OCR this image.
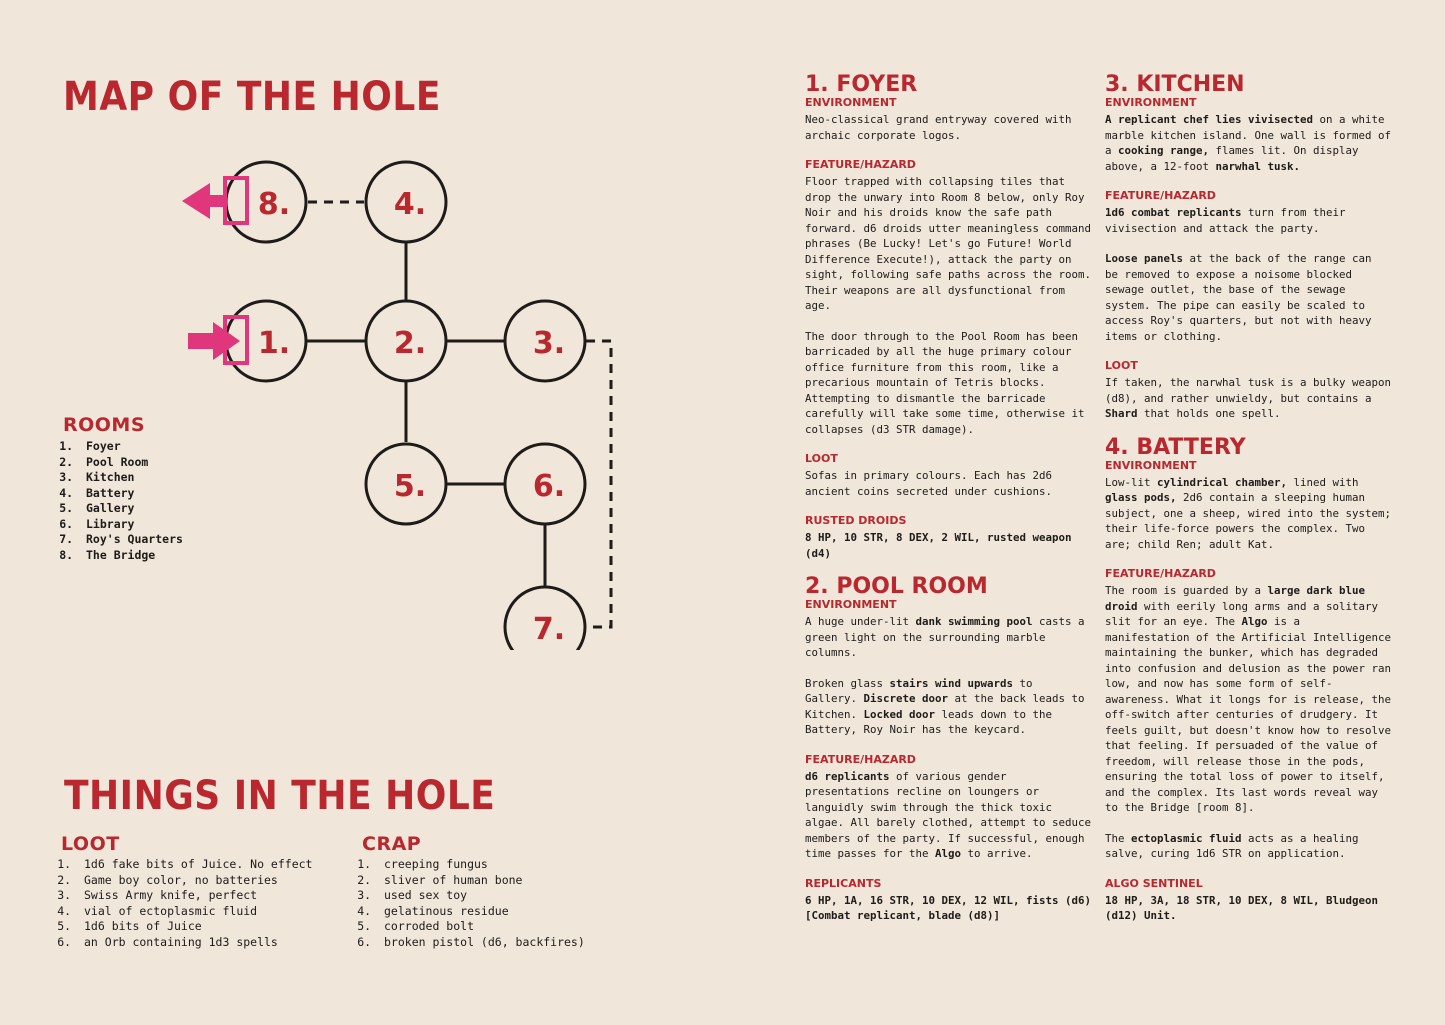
MAP OF THE HOLE
8.	4.
1.	2.	3.
5.	6.
7.
ROOMS
1. Foyer
2. Pool Room
3. Kitchen
4. Battery
5. Gallery
6. Library
7. Roy's Quarters
8. The Bridge
THINGS IN THE HOLE
LOOT
1. 1d6 fake bits of Juice. No effect
2. Game boy color, no batteries
3. Swiss Army knife, perfect
4. vial of ectoplasmic fluid
5. 1d6 bits of Juice
6. an Orb containing 1d3 spells
CRAP
1. creeping fungus
2. sliver of human bone
3. used sex toy
4. gelatinous residue
5. corroded bolt
6. broken pistol (d6, backfires)
1. FOYER
ENVIRONMENT

Neo-classical grand entryway covered with archaic corporate logos.

FEATURE/HAZARD

Floor trapped with collapsing tiles that drop the unwary into Room 8 below, only Roy Noir and his droids know the safe path forward. d6 droids utter meaningless command phrases (Be Lucky! Let's go Future! World Difference Execute!), attack the party on sight, following safe paths across the room. Their weapons are all dysfunctional from age.

The door through to the Pool Room has been barricaded by all the huge primary colour office furniture from this room, like a precarious mountain of Tetris blocks. Attempting to dismantle the barricade carefully will take some time, otherwise it collapses (d3 STR damage).

LOOT

Sofas in primary colours. Each has 2d6 ancient coins secreted under cushions.

RUSTED DROIDS

8 HP, 10 STR, 8 DEX, 2 WIL, rusted weapon (d4)

2. POOL ROOM
ENVIRONMENT

A huge under-lit dank swimming pool casts a green light on the surrounding marble columns.

Broken glass stairs wind upwards to Gallery. Discrete door at the back leads to Kitchen. Locked door leads down to the Battery, Roy Noir has the keycard.

FEATURE/HAZARD

d6 replicants of various gender presentations recline on loungers or languidly swim through the thick toxic algae. All barely clothed, attempt to seduce members of the party. If successful, enough time passes for the Algo to arrive.

REPLICANTS

6 HP, 1A, 16 STR, 10 DEX, 12 WIL, fists (d6) [Combat replicant, blade (d8)]

3. KITCHEN
ENVIRONMENT

A replicant chef lies vivisected on a white marble kitchen island. One wall is formed of a cooking range, flames lit. On display above, a 12-foot narwhal tusk.

FEATURE/HAZARD

1d6 combat replicants turn from their vivisection and attack the party.

Loose panels at the back of the range can be removed to expose a noisome blocked sewage outlet, the base of the sewage system. The pipe can easily be scaled to access Roy's quarters, but not with heavy items or clothing.

LOOT

If taken, the narwhal tusk is a bulky weapon (d8), and rather unwieldy, but contains a Shard that holds one spell.

4. BATTERY
ENVIRONMENT

Low-lit cylindrical chamber, lined with glass pods, 2d6 contain a sleeping human subject, one a sheep, wired into the system; their life-force powers the complex. Two are; child Ren; adult Kat.

FEATURE/HAZARD

The room is guarded by a large dark blue droid with eerily long arms and a solitary slit for an eye. The Algo is a manifestation of the Artificial Intelligence maintaining the bunker, which has degraded into confusion and delusion as the power ran low, and now has some form of self-awareness. What it longs for is release, the off-switch after centuries of drudgery. It feels guilt, but doesn't know how to resolve that feeling. If persuaded of the value of freedom, will release those in the pods, ensuring the total loss of power to itself, and the complex. Its last words reveal way to the Bridge [room 8].

The ectoplasmic fluid acts as a healing salve, curing 1d6 STR on application.

ALGO SENTINEL

18 HP, 3A, 18 STR, 10 DEX, 8 WIL, Bludgeon (d12) Unit.
